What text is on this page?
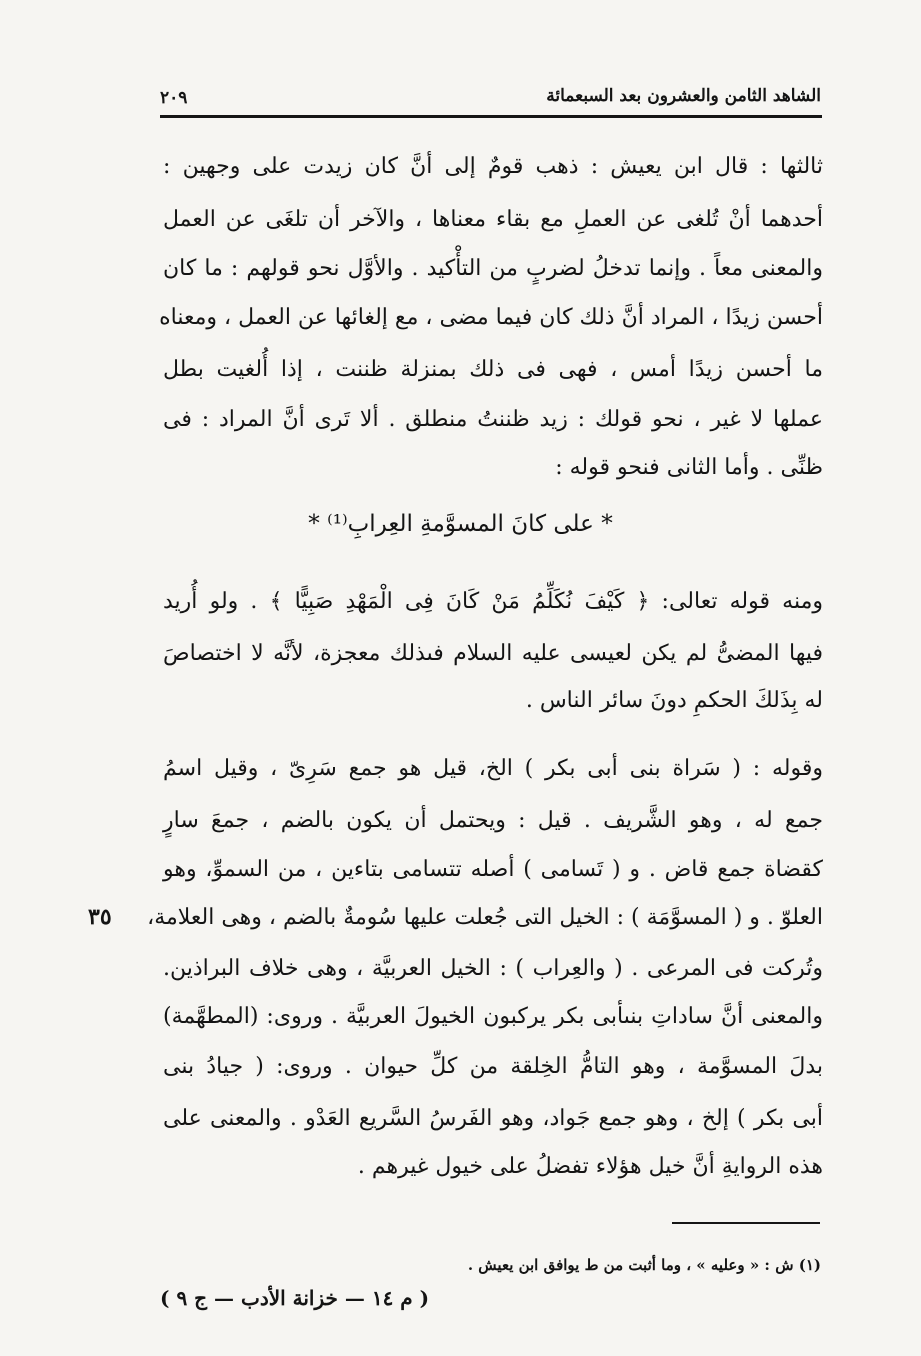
الشاهد الثامن والعشرون بعد السبعمائة
٢٠٩
ثالثها : قال ابن يعيش : ذهب قومٌ إلى أنَّ كان زيدت على وجهين :
أحدهما أنْ تُلغى عن العملِ مع بقاء معناها ، والآخر أن تلغَى عن العمل
والمعنى معاً . وإنما تدخلُ لضربٍ من التأْكيد . والأوَّل نحو قولهم : ما كان
أحسن زيدًا ، المراد أنَّ ذلك كان فيما مضى ، مع إلغائها عن العمل ، ومعناه
ما أحسن زيدًا أمس ، فهى فى ذلك بمنزلة ظننت ، إذا أُلغيت بطل
عملها لا غير ، نحو قولك : زيد ظننتُ منطلق . ألا تَرى أنَّ المراد : فى
ظنِّى . وأما الثانى فنحو قوله :
* على كانَ المسوَّمةِ العِرابِ⁽¹⁾ *
ومنه قوله تعالى: ﴿ كَيْفَ نُكَلِّمُ مَنْ كَانَ فِى الْمَهْدِ صَبِيًّا ﴾ . ولو أُريد
فيها المضىُّ لم يكن لعيسى عليه السلام فىذلك معجزة، لأنَّه لا اختصاصَ
له بِذَلكَ الحكمِ دونَ سائر الناس .
وقوله : ( سَراة بنى أبى بكر ) الخ، قيل هو جمع سَرِىّ ، وقيل اسمُ
جمع له ، وهو الشَّريف . قيل : ويحتمل أن يكون بالضم ، جمعَ سارٍ
كقضاة جمع قاض . و ( تَسامى ) أصله تتسامى بتاءين ، من السموِّ، وهو
العلوّ . و ( المسوَّمَة ) : الخيل التى جُعلت عليها سُومةٌ بالضم ، وهى العلامة،
وتُركت فى المرعى . ( والعِراب ) : الخيل العربيَّة ، وهى خلاف البراذين.
والمعنى أنَّ ساداتِ بنىأبى بكر يركبون الخيولَ العربيَّة . وروى: (المطهَّمة)
بدلَ المسوَّمة ، وهو التامُّ الخِلقة من كلِّ حيوان . وروى: ( جيادُ بنى
أبى بكر ) إلخ ، وهو جمع جَواد، وهو الفَرسُ السَّريع العَدْو . والمعنى على
هذه الروايةِ أنَّ خيل هؤلاء تفضلُ على خيول غيرهم .
٣٥
(١) ش : « وعليه » ، وما أثبت من ط يوافق ابن يعيش .
( م ١٤ — خزانة الأدب — ج ٩ )
